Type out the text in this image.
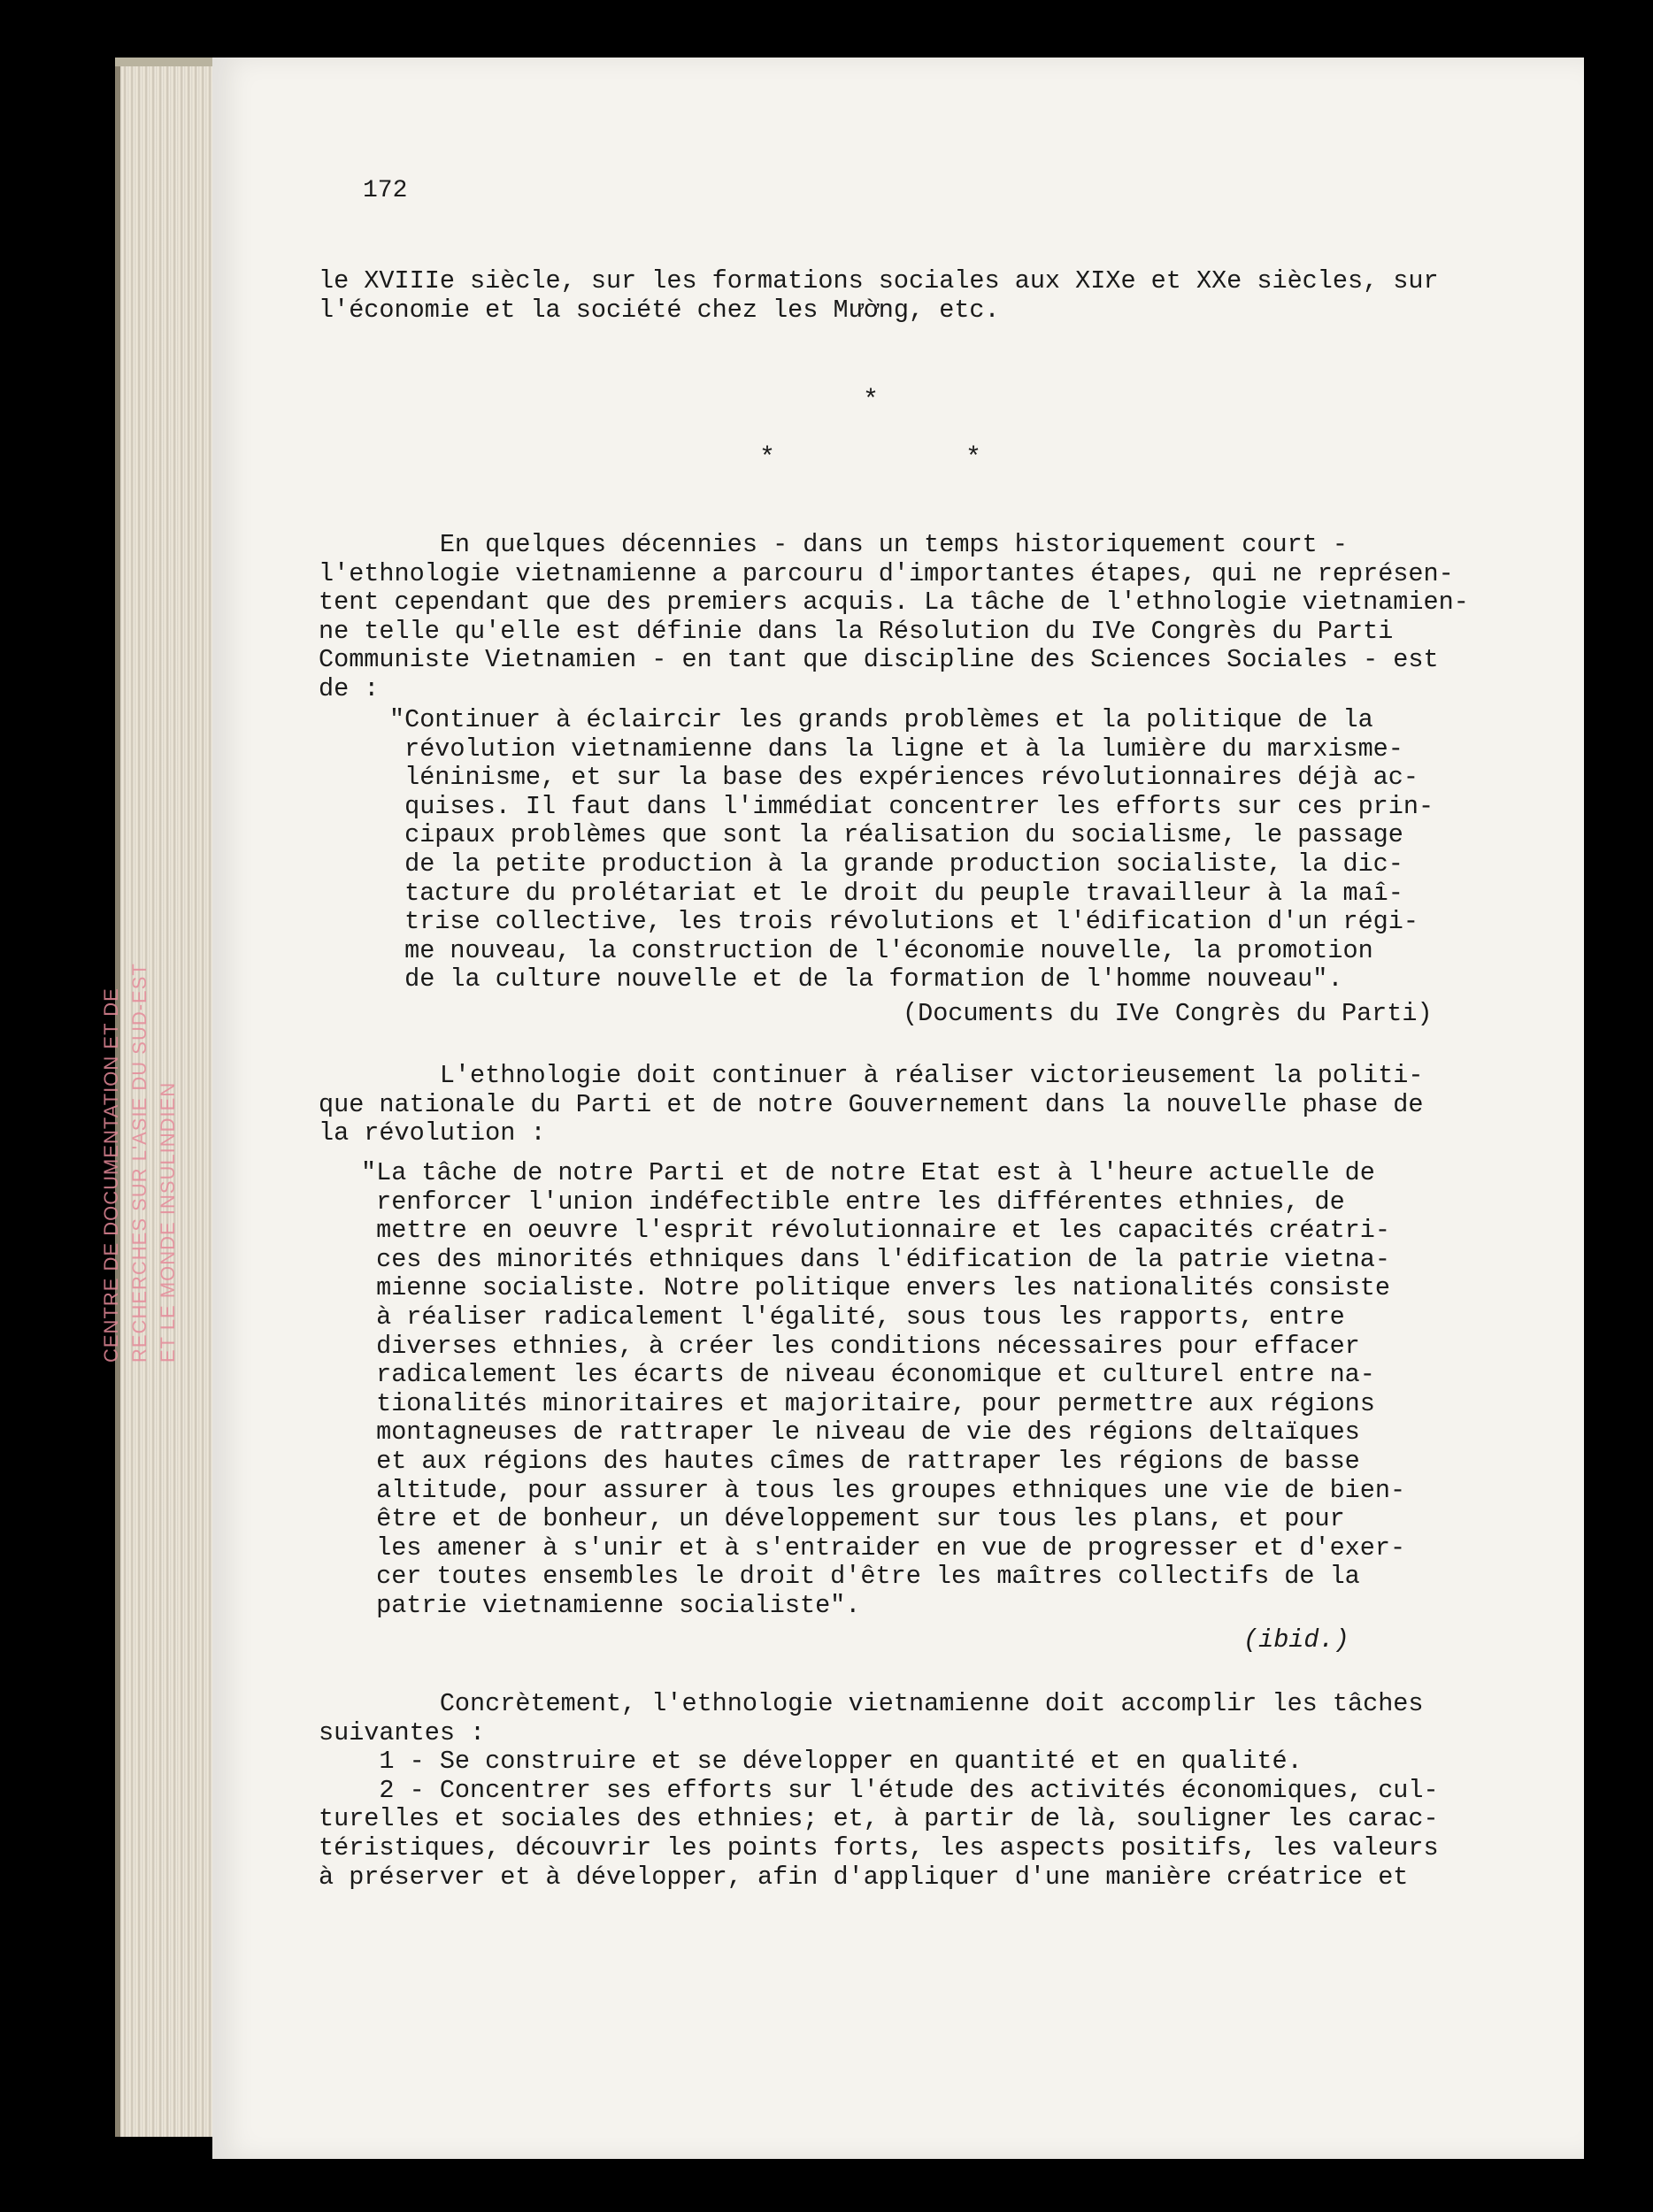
CENTRE DE DOCUMENTATION ET DE RECHERCHES SUR L'ASIE DU SUD-EST ET LE MONDE INSULINDIEN
172
le XVIIIe siècle, sur les formations sociales aux XIXe et XXe siècles, sur
l'économie et la société chez les Mường, etc.
*
*	*
En quelques décennies - dans un temps historiquement court -
l'ethnologie vietnamienne a parcouru d'importantes étapes, qui ne représen-
tent cependant que des premiers acquis. La tâche de l'ethnologie vietnamien-
ne telle qu'elle est définie dans la Résolution du IVe Congrès du Parti
Communiste Vietnamien - en tant que discipline des Sciences Sociales - est
de :
"Continuer à éclaircir les grands problèmes et la politique de la
révolution vietnamienne dans la ligne et à la lumière du marxisme-
léninisme, et sur la base des expériences révolutionnaires déjà ac-
quises. Il faut dans l'immédiat concentrer les efforts sur ces prin-
cipaux problèmes que sont la réalisation du socialisme, le passage
de la petite production à la grande production socialiste, la dic-
tacture du prolétariat et le droit du peuple travailleur à la maî-
trise collective, les trois révolutions et l'édification d'un régi-
me nouveau, la construction de l'économie nouvelle, la promotion
de la culture nouvelle et de la formation de l'homme nouveau".
(Documents du IVe Congrès du Parti)
L'ethnologie doit continuer à réaliser victorieusement la politi-
que nationale du Parti et de notre Gouvernement dans la nouvelle phase de
la révolution :
"La tâche de notre Parti et de notre Etat est à l'heure actuelle de
renforcer l'union indéfectible entre les différentes ethnies, de
mettre en oeuvre l'esprit révolutionnaire et les capacités créatri-
ces des minorités ethniques dans l'édification de la patrie vietna-
mienne socialiste. Notre politique envers les nationalités consiste
à réaliser radicalement l'égalité, sous tous les rapports, entre
diverses ethnies, à créer les conditions nécessaires pour effacer
radicalement les écarts de niveau économique et culturel entre na-
tionalités minoritaires et majoritaire, pour permettre aux régions
montagneuses de rattraper le niveau de vie des régions deltaïques
et aux régions des hautes cîmes de rattraper les régions de basse
altitude, pour assurer à tous les groupes ethniques une vie de bien-
être et de bonheur, un développement sur tous les plans, et pour
les amener à s'unir et à s'entraider en vue de progresser et d'exer-
cer toutes ensembles le droit d'être les maîtres collectifs de la
patrie vietnamienne socialiste".
(ibid.)
Concrètement, l'ethnologie vietnamienne doit accomplir les tâches
suivantes :
1 - Se construire et se développer en quantité et en qualité.
2 - Concentrer ses efforts sur l'étude des activités économiques, cul-
turelles et sociales des ethnies; et, à partir de là, souligner les carac-
téristiques, découvrir les points forts, les aspects positifs, les valeurs
à préserver et à développer, afin d'appliquer d'une manière créatrice et
